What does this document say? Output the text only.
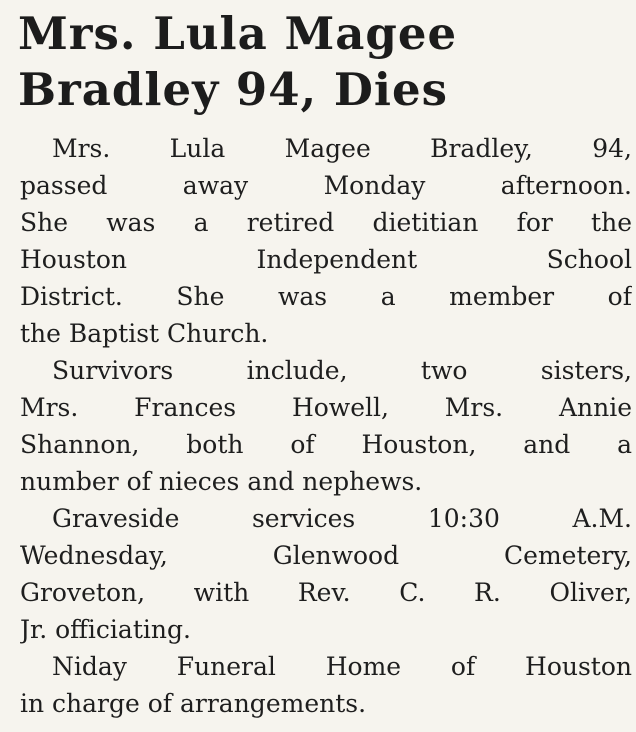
Mrs. Lula Magee
Bradley 94, Dies

Mrs. Lula Magee Bradley, 94,
passed away Monday afternoon.
She was a retired dietitian for the
Houston Independent School
District. She was a member of
the Baptist Church.

Survivors include, two sisters,
Mrs. Frances Howell, Mrs. Annie
Shannon, both of Houston, and a
number of nieces and nephews.

Graveside services 10:30 A.M.
Wednesday, Glenwood Cemetery,
Groveton, with Rev. C. R. Oliver,
Jr. officiating.

Niday Funeral Home of Houston
in charge of arrangements.
